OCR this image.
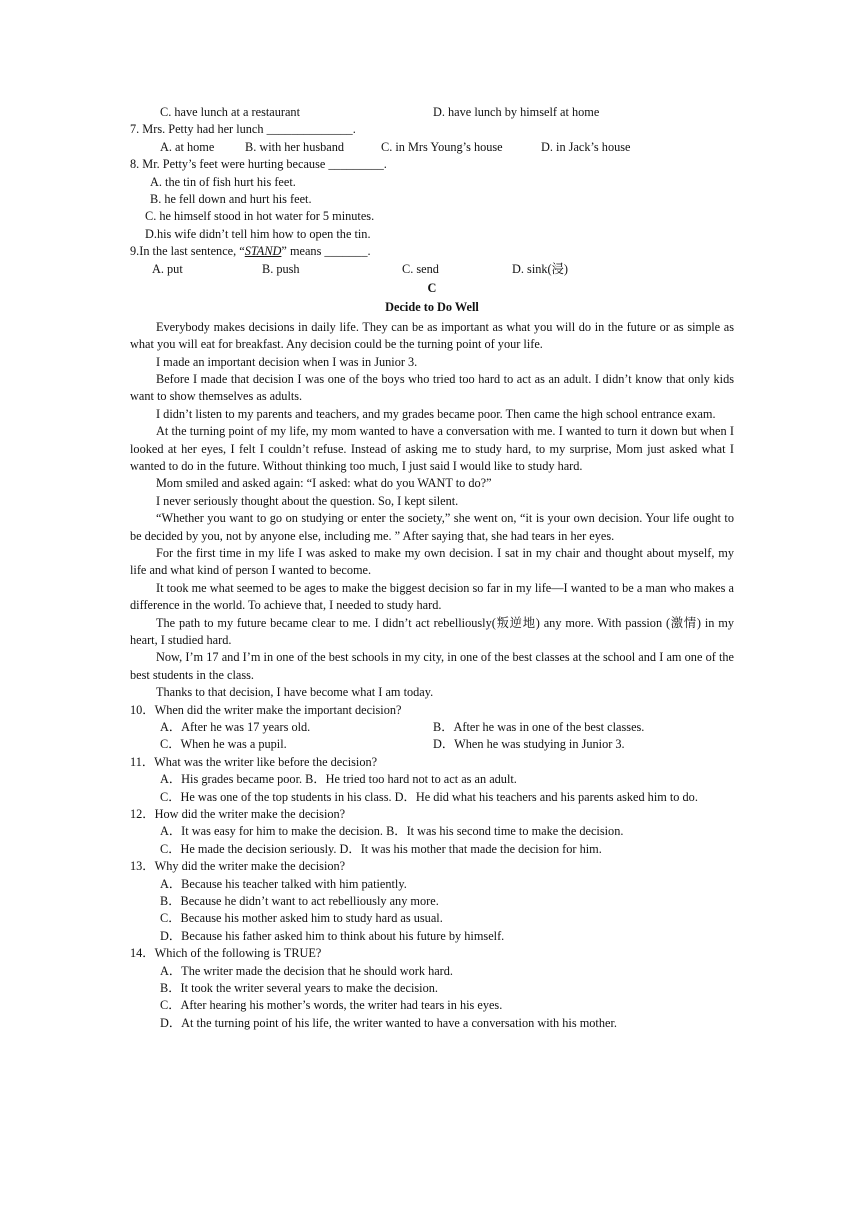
C. have lunch at a restaurant	D. have lunch by himself at home
7. Mrs. Petty had her lunch ______________.
A. at home	B. with her husband	C. in Mrs Young’s house	D. in Jack’s house
8. Mr. Petty’s feet were hurting because _________.
A. the tin of fish hurt his feet.
B. he fell down and hurt his feet.
C. he himself stood in hot water for 5 minutes.
D.his wife didn’t tell him how to open the tin.
9.In the last sentence, “STAND” means _______.
A. put	B. push	C. send	D. sink(浸)
C
Decide to Do Well

Everybody makes decisions in daily life. They can be as important as what you will do in the future or as simple as what you will eat for breakfast. Any decision could be the turning point of your life.

I made an important decision when I was in Junior 3.

Before I made that decision I was one of the boys who tried too hard to act as an adult. I didn’t know that only kids want to show themselves as adults.

I didn’t listen to my parents and teachers, and my grades became poor. Then came the high school entrance exam.

At the turning point of my life, my mom wanted to have a conversation with me. I wanted to turn it down but when I looked at her eyes, I felt I couldn’t refuse. Instead of asking me to study hard, to my surprise, Mom just asked what I wanted to do in the future. Without thinking too much, I just said I would like to study hard.

Mom smiled and asked again: “I asked: what do you WANT to do?”

I never seriously thought about the question. So, I kept silent.

“Whether you want to go on studying or enter the society,” she went on, “it is your own decision. Your life ought to be decided by you, not by anyone else, including me. ” After saying that, she had tears in her eyes.

For the first time in my life I was asked to make my own decision. I sat in my chair and thought about myself, my life and what kind of person I wanted to become.

It took me what seemed to be ages to make the biggest decision so far in my life—I wanted to be a man who makes a difference in the world. To achieve that, I needed to study hard.

The path to my future became clear to me. I didn’t act rebelliously(叛逆地) any more. With passion (激情) in my heart, I studied hard.

Now, I’m 17 and I’m in one of the best schools in my city, in one of the best classes at the school and I am one of the best students in the class.

Thanks to that decision, I have become what I am today.

10．When did the writer make the important decision?
A．After he was 17 years old.	B．After he was in one of the best classes.
C．When he was a pupil.	D．When he was studying in Junior 3.
11．What was the writer like before the decision?
A．His grades became poor. B．He tried too hard not to act as an adult.

C．He was one of the top students in his class. D．He did what his teachers and his parents asked him to do.

12．How did the writer make the decision?
A．It was easy for him to make the decision. B．It was his second time to make the decision.
C．He made the decision seriously. D．It was his mother that made the decision for him.
13．Why did the writer make the decision?
A．Because his teacher talked with him patiently.
B．Because he didn’t want to act rebelliously any more.
C．Because his mother asked him to study hard as usual.
D．Because his father asked him to think about his future by himself.
14．Which of the following is TRUE?
A．The writer made the decision that he should work hard.
B．It took the writer several years to make the decision.
C．After hearing his mother’s words, the writer had tears in his eyes.
D．At the turning point of his life, the writer wanted to have a conversation with his mother.
